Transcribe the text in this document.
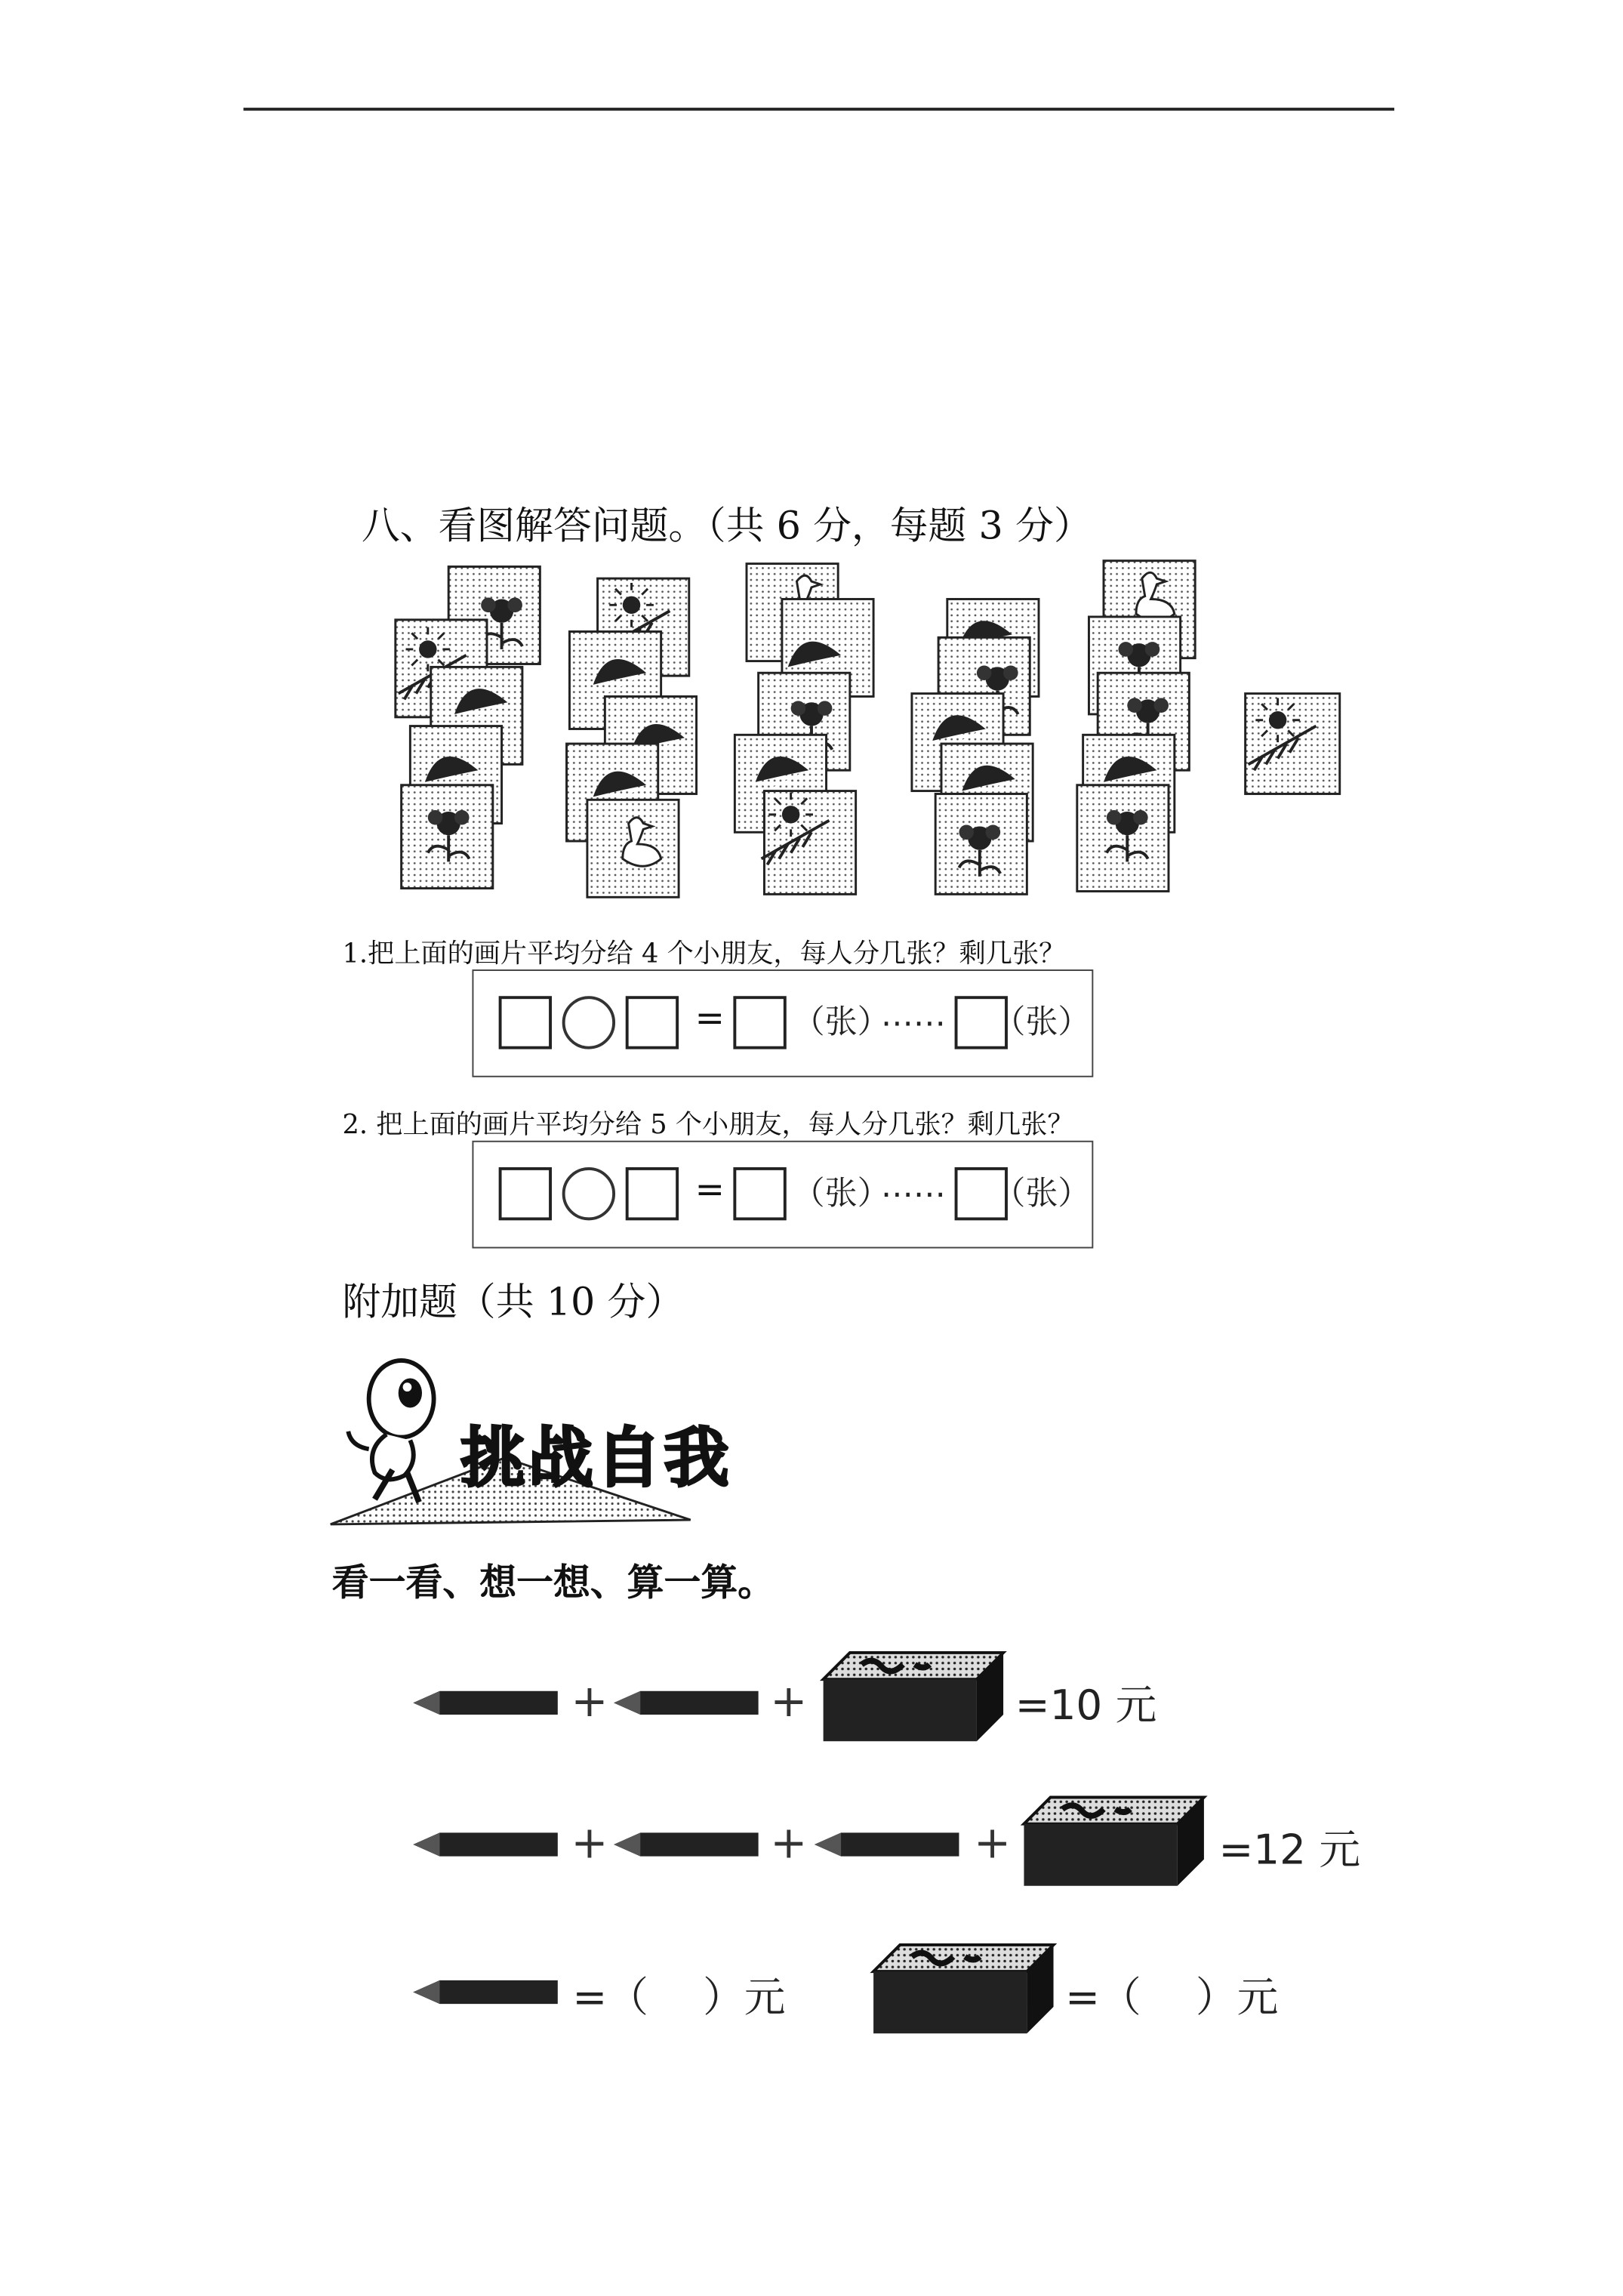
八、看图解答问题。（共 6 分，每题 3 分）
1.把上面的画片平均分给 4 个小朋友，每人分几张？剩几张？
=	（张）
……	（张）
2. 把上面的画片平均分给 5 个小朋友，每人分几张？剩几张？
=	（张）
……	（张）
附加题（共 10 分）
挑战自我
看一看、想一想、算一算。
+	+	=10 元
+	+	+	=12 元
=（　 ）元	=（　 ）元
